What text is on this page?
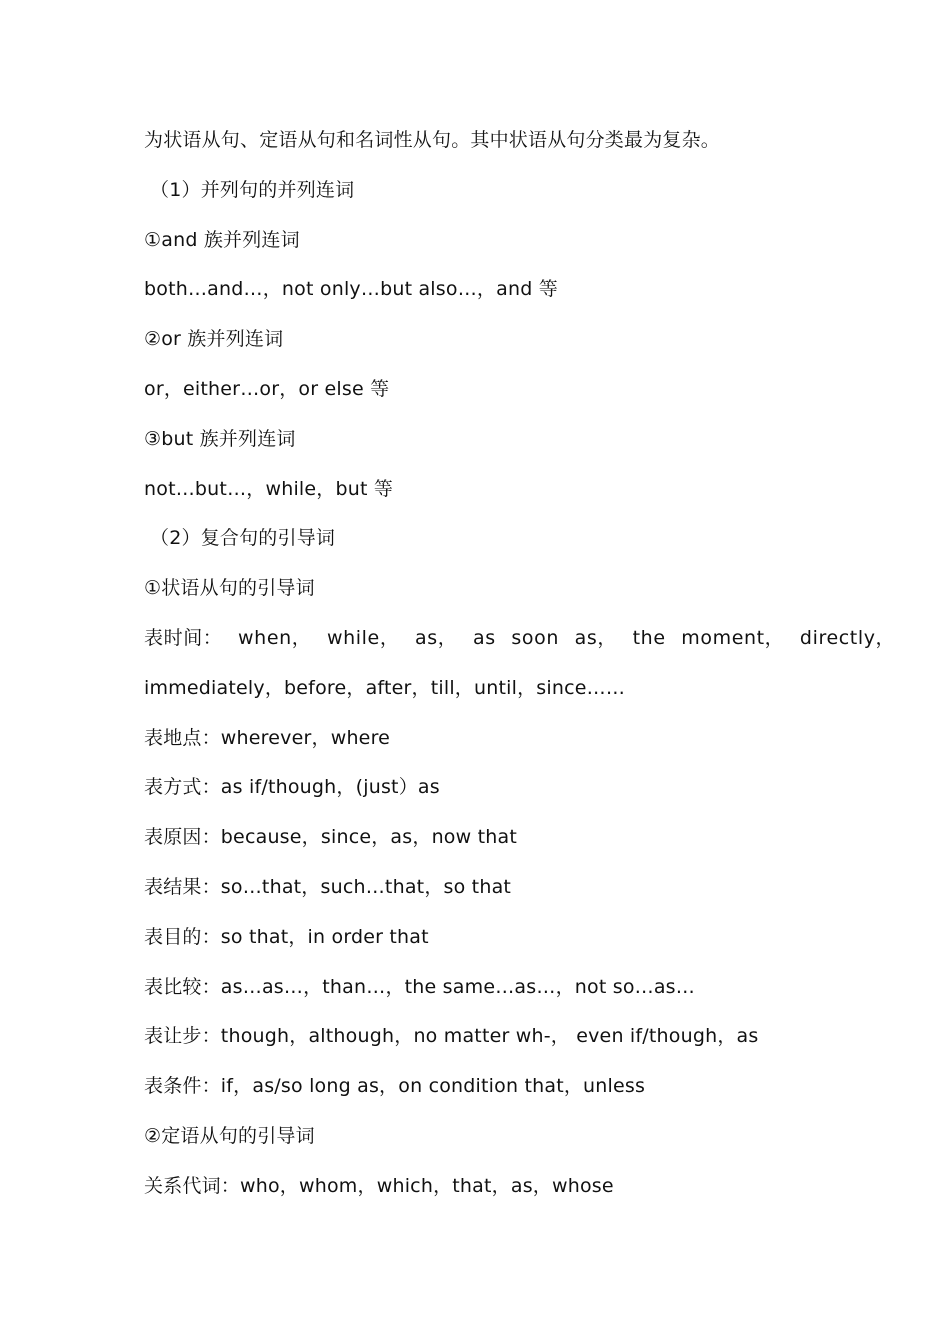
为状语从句、定语从句和名词性从句。其中状语从句分类最为复杂。
（1）并列句的并列连词
①and 族并列连词
both…and…，not only…but also…，and 等
②or 族并列连词
or，either…or，or else 等
③but 族并列连词
not…but…，while，but 等
（2）复合句的引导词
①状语从句的引导词
表时间： when， while， as， as soon as， the moment， directly，
immediately，before，after，till，until，since……
表地点：wherever，where
表方式：as if/though，(just）as
表原因：because，since，as，now that
表结果：so…that，such…that，so that
表目的：so that，in order that
表比较：as…as…，than…，the same…as…，not so…as…
表让步：though，although，no matter wh-， even if/though，as
表条件：if，as/so long as，on condition that，unless
②定语从句的引导词
关系代词：who，whom，which，that，as，whose
